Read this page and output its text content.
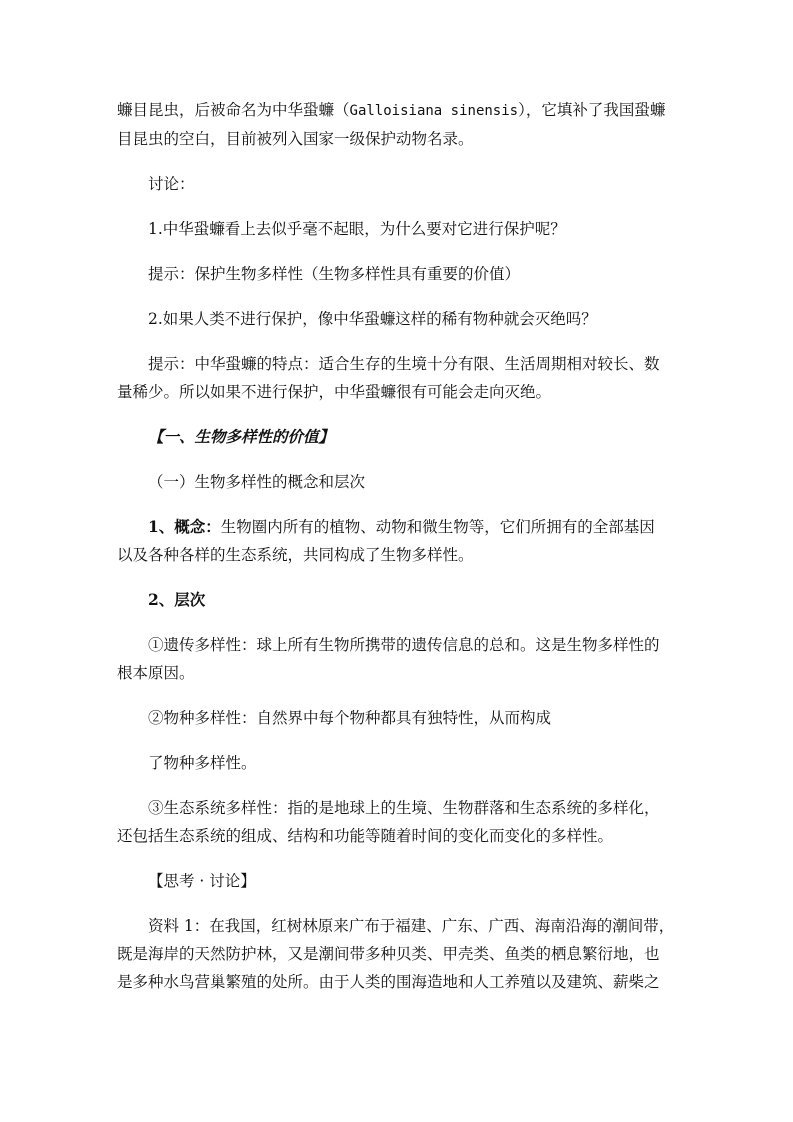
蠊目昆虫，后被命名为中华蛩蠊（Galloisiana sinensis），它填补了我国蛩蠊
目昆虫的空白，目前被列入国家一级保护动物名录。

讨论：

1.中华蛩蠊看上去似乎毫不起眼，为什么要对它进行保护呢？

提示：保护生物多样性（生物多样性具有重要的价值）

2.如果人类不进行保护，像中华蛩蠊这样的稀有物种就会灭绝吗？

提示：中华蛩蠊的特点：适合生存的生境十分有限、生活周期相对较长、数
量稀少。所以如果不进行保护，中华蛩蠊很有可能会走向灭绝。

【一、生物多样性的价值】

（一）生物多样性的概念和层次

1、概念：生物圈内所有的植物、动物和微生物等，它们所拥有的全部基因
以及各种各样的生态系统，共同构成了生物多样性。

2、层次

①遗传多样性：球上所有生物所携带的遗传信息的总和。这是生物多样性的
根本原因。

②物种多样性：自然界中每个物种都具有独特性，从而构成

了物种多样性。

③生态系统多样性：指的是地球上的生境、生物群落和生态系统的多样化，
还包括生态系统的组成、结构和功能等随着时间的变化而变化的多样性。

【思考 · 讨论】

资料 1：在我国，红树林原来广布于福建、广东、广西、海南沿海的潮间带，
既是海岸的天然防护林，又是潮间带多种贝类、甲壳类、鱼类的栖息繁衍地，也
是多种水鸟营巢繁殖的处所。由于人类的围海造地和人工养殖以及建筑、薪柴之
